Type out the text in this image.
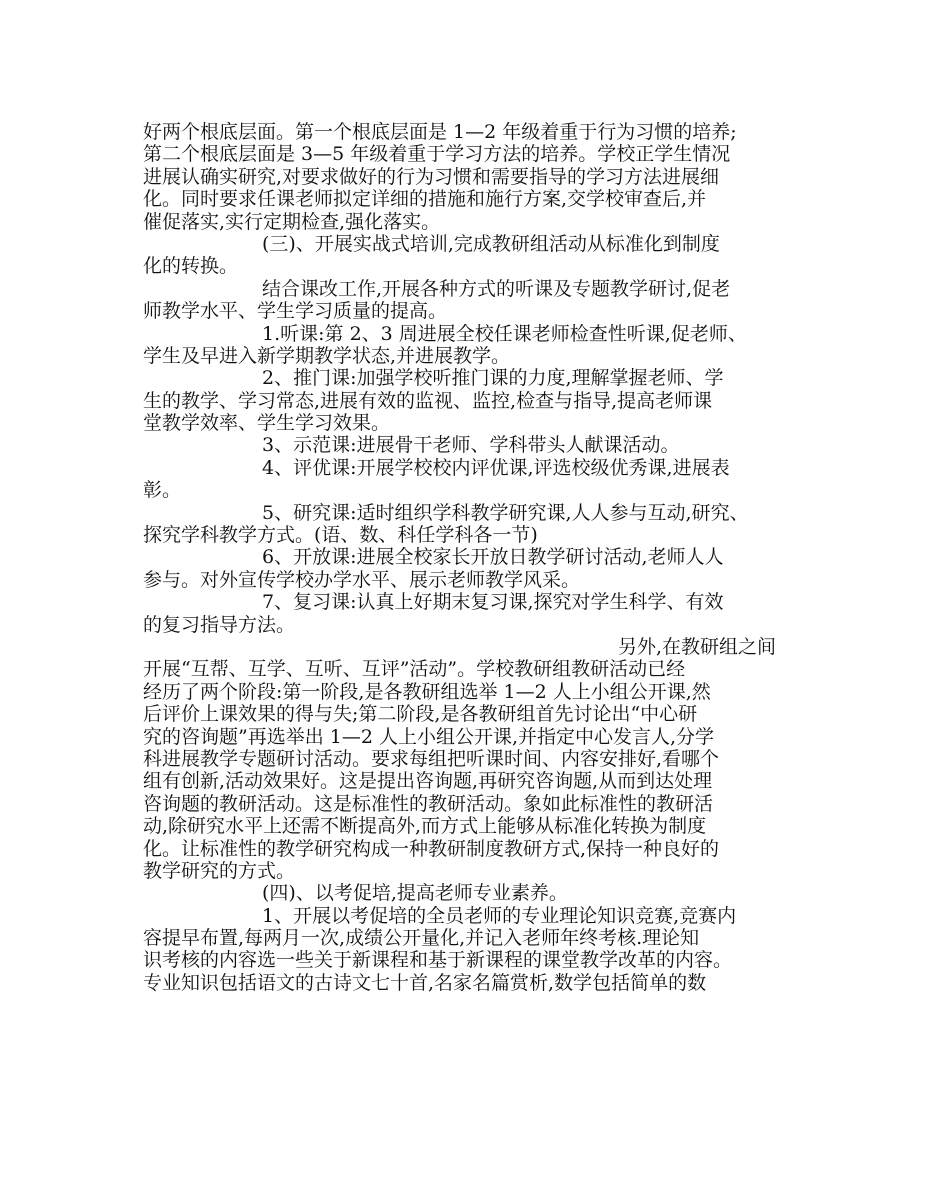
好两个根底层面。第一个根底层面是 1—2 年级着重于行为习惯的培养;
第二个根底层面是 3—5 年级着重于学习方法的培养。学校正学生情况
进展认确实研究,对要求做好的行为习惯和需要指导的学习方法进展细
化。同时要求任课老师拟定详细的措施和施行方案,交学校审查后,并
催促落实,实行定期检查,强化落实。
(三)、开展实战式培训,完成教研组活动从标准化到制度
化的转换。
结合课改工作,开展各种方式的听课及专题教学研讨,促老
师教学水平、学生学习质量的提高。
1.听课:第 2、3 周进展全校任课老师检查性听课,促老师、
学生及早进入新学期教学状态,并进展教学。
2、推门课:加强学校听推门课的力度,理解掌握老师、学
生的教学、学习常态,进展有效的监视、监控,检查与指导,提高老师课
堂教学效率、学生学习效果。
3、示范课:进展骨干老师、学科带头人献课活动。
4、评优课:开展学校校内评优课,评选校级优秀课,进展表
彰。
5、研究课:适时组织学科教学研究课,人人参与互动,研究、
探究学科教学方式。(语、数、科任学科各一节)
6、开放课:进展全校家长开放日教学研讨活动,老师人人
参与。对外宣传学校办学水平、展示老师教学风采。
7、复习课:认真上好期末复习课,探究对学生科学、有效
的复习指导方法。
另外,在教研组之间
开展“互帮、互学、互听、互评”活动”。学校教研组教研活动已经
经历了两个阶段:第一阶段,是各教研组选举 1—2 人上小组公开课,然
后评价上课效果的得与失;第二阶段,是各教研组首先讨论出“中心研
究的咨询题”再选举出 1—2 人上小组公开课,并指定中心发言人,分学
科进展教学专题研讨活动。要求每组把听课时间、内容安排好,看哪个
组有创新,活动效果好。这是提出咨询题,再研究咨询题,从而到达处理
咨询题的教研活动。这是标准性的教研活动。象如此标准性的教研活
动,除研究水平上还需不断提高外,而方式上能够从标准化转换为制度
化。让标准性的教学研究构成一种教研制度教研方式,保持一种良好的
教学研究的方式。
(四)、以考促培,提高老师专业素养。
1、开展以考促培的全员老师的专业理论知识竞赛,竞赛内
容提早布置,每两月一次,成绩公开量化,并记入老师年终考核.理论知
识考核的内容选一些关于新课程和基于新课程的课堂教学改革的内容。
专业知识包括语文的古诗文七十首,名家名篇赏析,数学包括简单的数
